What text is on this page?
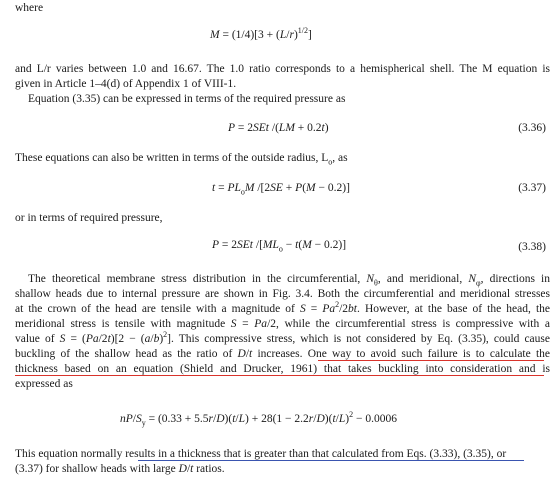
where
$M = (1/4)[3 + (L/r)^{1/2}]$
and L/r varies between 1.0 and 16.67. The 1.0 ratio corresponds to a hemispherical shell. The M equation is
given in Article 1–4(d) of Appendix 1 of VIII-1.
Equation (3.35) can be expressed in terms of the required pressure as
P = 2SEt /(LM + 0.2t)	(3.36)
These equations can also be written in terms of the outside radius, $L_o$, as
$t = PL_oM$ /[2SE + P(M − 0.2)]	(3.37)
or in terms of required pressure,
P = 2SEt $/[ML_o - t(M - 0.2)]$	(3.38)
The theoretical membrane stress distribution in the circumferential, $N_\theta$, and meridional, $N_\varphi$, directions in
shallow heads due to internal pressure are shown in Fig. 3.4. Both the circumferential and meridional stresses
at the crown of the head are tensile with a magnitude of $S = Pa^2/2bt$. However, at the base of the head, the
meridional stress is tensile with magnitude S = Pa/2, while the circumferential stress is compressive with a
value of $S = (Pa/2t)[2 - (a/b)^2]$. This compressive stress, which is not considered by Eq. (3.35), could cause
buckling of the shallow head as the ratio of D/t increases. One way to avoid such failure is to calculate the
thickness based on an equation (Shield and Drucker, 1961) that takes buckling into consideration and is
expressed as
$nP/S_y = (0.33 + 5.5r/D)(t/L) + 28(1 - 2.2r/D)(t/L)^2 - 0.0006$
This equation normally results in a thickness that is greater than that calculated from Eqs. (3.33), (3.35), or
(3.37) for shallow heads with large D/t ratios.
